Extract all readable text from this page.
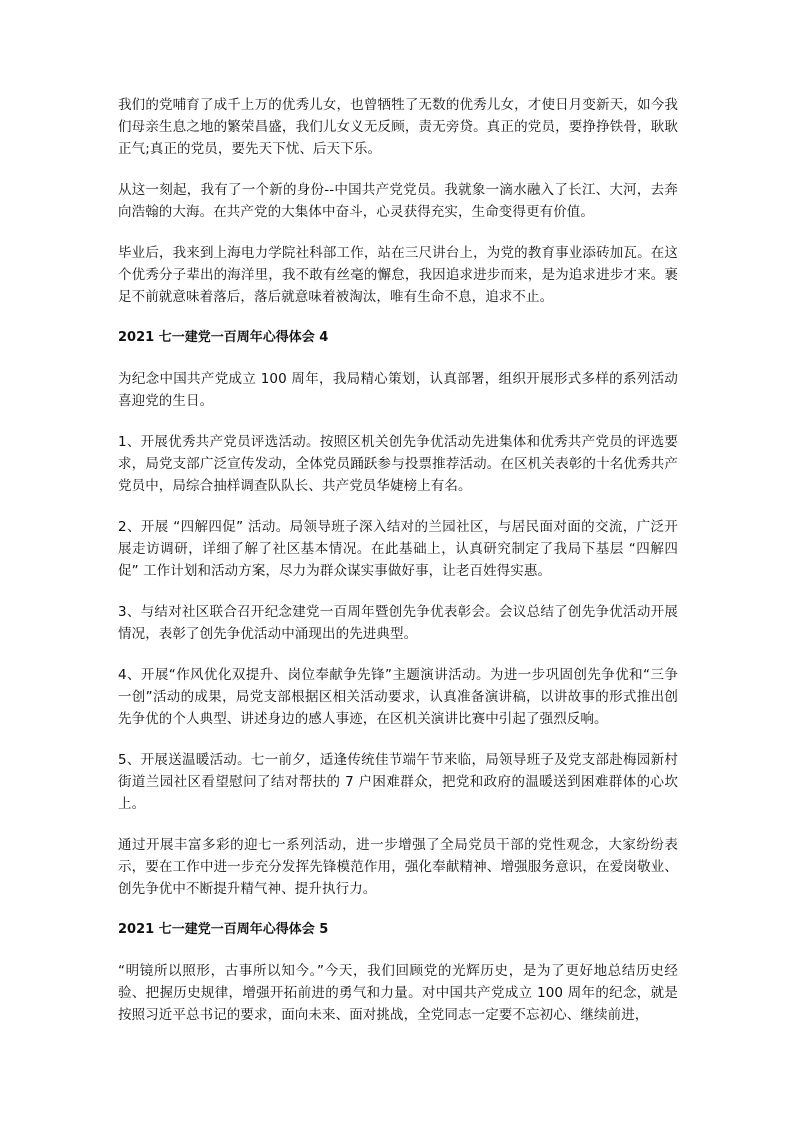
我们的党哺育了成千上万的优秀儿女，也曾牺牲了无数的优秀儿女，才使日月变新天，如今我们母亲生息之地的繁荣昌盛，我们儿女义无反顾，责无旁贷。真正的党员，要挣挣铁骨，耿耿正气;真正的党员，要先天下忧、后天下乐。

从这一刻起，我有了一个新的身份--中国共产党党员。我就象一滴水融入了长江、大河，去奔向浩翰的大海。在共产党的大集体中奋斗，心灵获得充实，生命变得更有价值。

毕业后，我来到上海电力学院社科部工作，站在三尺讲台上，为党的教育事业添砖加瓦。在这个优秀分子辈出的海洋里，我不敢有丝毫的懈怠，我因追求进步而来，是为追求进步才来。裹足不前就意味着落后，落后就意味着被淘汰，唯有生命不息，追求不止。

2021 七一建党一百周年心得体会 4

为纪念中国共产党成立 100 周年，我局精心策划，认真部署，组织开展形式多样的系列活动喜迎党的生日。

1、开展优秀共产党员评选活动。按照区机关创先争优活动先进集体和优秀共产党员的评选要求，局党支部广泛宣传发动，全体党员踊跃参与投票推荐活动。在区机关表彰的十名优秀共产党员中，局综合抽样调查队队长、共产党员华婕榜上有名。

2、开展 “四解四促” 活动。局领导班子深入结对的兰园社区，与居民面对面的交流，广泛开展走访调研，详细了解了社区基本情况。在此基础上，认真研究制定了我局下基层 “四解四促” 工作计划和活动方案，尽力为群众谋实事做好事，让老百姓得实惠。

3、与结对社区联合召开纪念建党一百周年暨创先争优表彰会。会议总结了创先争优活动开展情况，表彰了创先争优活动中涌现出的先进典型。

4、开展“作风优化双提升、岗位奉献争先锋”主题演讲活动。为进一步巩固创先争优和“三争一创”活动的成果，局党支部根据区相关活动要求，认真准备演讲稿，以讲故事的形式推出创先争优的个人典型、讲述身边的感人事迹，在区机关演讲比赛中引起了强烈反响。

5、开展送温暖活动。七一前夕，适逢传统佳节端午节来临，局领导班子及党支部赴梅园新村街道兰园社区看望慰问了结对帮扶的 7 户困难群众，把党和政府的温暖送到困难群体的心坎上。

通过开展丰富多彩的迎七一系列活动，进一步增强了全局党员干部的党性观念，大家纷纷表示，要在工作中进一步充分发挥先锋模范作用，强化奉献精神、增强服务意识，在爱岗敬业、创先争优中不断提升精气神、提升执行力。

2021 七一建党一百周年心得体会 5

“明镜所以照形，古事所以知今。”今天，我们回顾党的光辉历史，是为了更好地总结历史经验、把握历史规律，增强开拓前进的勇气和力量。对中国共产党成立 100 周年的纪念，就是按照习近平总书记的要求，面向未来、面对挑战，全党同志一定要不忘初心、继续前进，
